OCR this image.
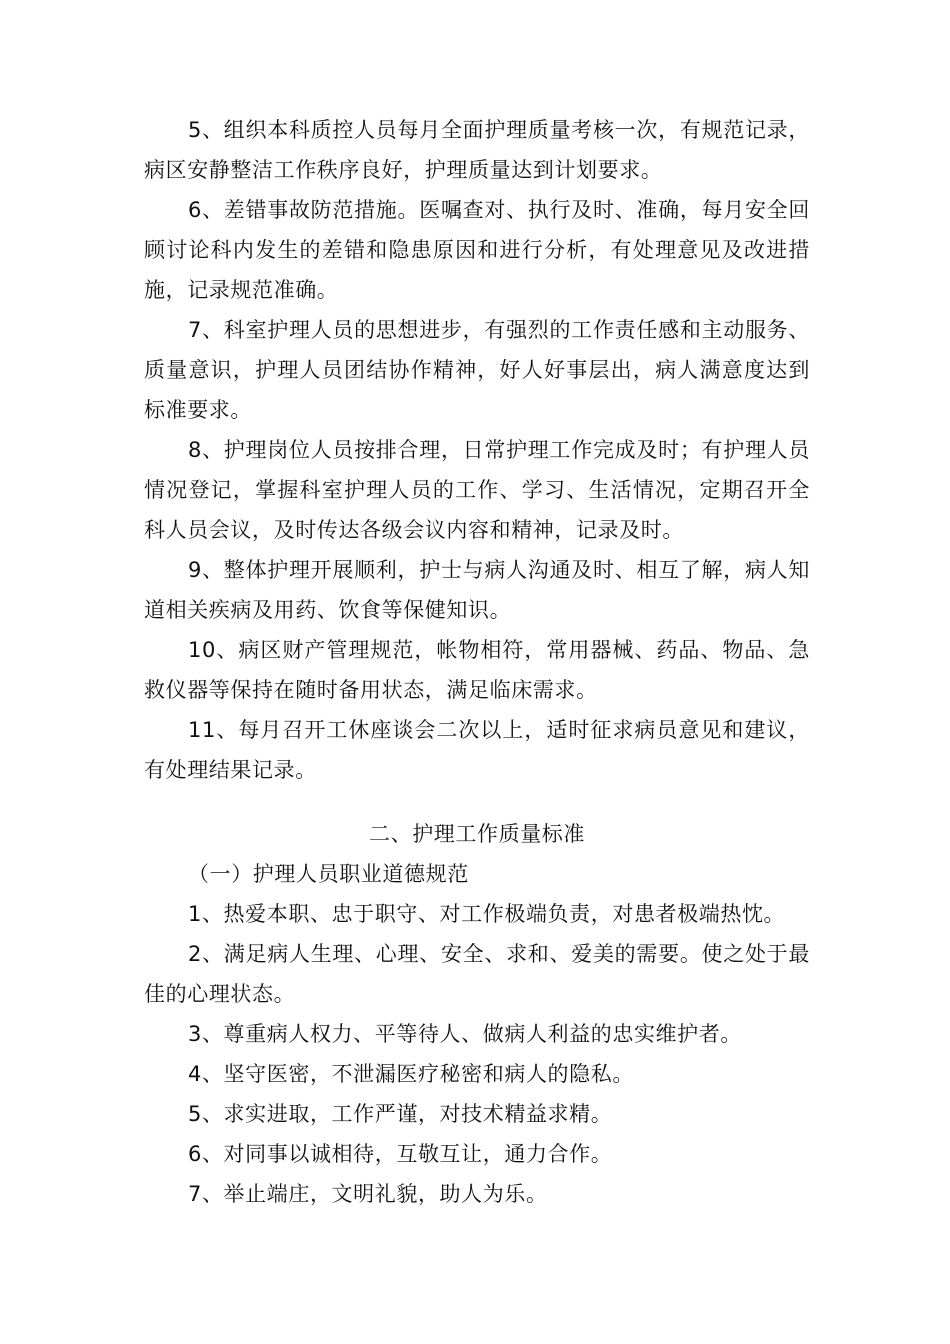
5、组织本科质控人员每月全面护理质量考核一次，有规范记录，病区安静整洁工作秩序良好，护理质量达到计划要求。

6、差错事故防范措施。医嘱查对、执行及时、准确，每月安全回顾讨论科内发生的差错和隐患原因和进行分析，有处理意见及改进措施，记录规范准确。

7、科室护理人员的思想进步，有强烈的工作责任感和主动服务、质量意识，护理人员团结协作精神，好人好事层出，病人满意度达到标准要求。

8、护理岗位人员按排合理，日常护理工作完成及时；有护理人员情况登记，掌握科室护理人员的工作、学习、生活情况，定期召开全科人员会议，及时传达各级会议内容和精神，记录及时。

9、整体护理开展顺利，护士与病人沟通及时、相互了解，病人知道相关疾病及用药、饮食等保健知识。

10、病区财产管理规范，帐物相符，常用器械、药品、物品、急救仪器等保持在随时备用状态，满足临床需求。

11、每月召开工休座谈会二次以上，适时征求病员意见和建议，有处理结果记录。

二、护理工作质量标准
（一）护理人员职业道德规范

1、热爱本职、忠于职守、对工作极端负责，对患者极端热忱。

2、满足病人生理、心理、安全、求和、爱美的需要。使之处于最佳的心理状态。

3、尊重病人权力、平等待人、做病人利益的忠实维护者。

4、坚守医密，不泄漏医疗秘密和病人的隐私。

5、求实进取，工作严谨，对技术精益求精。

6、对同事以诚相待，互敬互让，通力合作。

7、举止端庄，文明礼貌，助人为乐。
